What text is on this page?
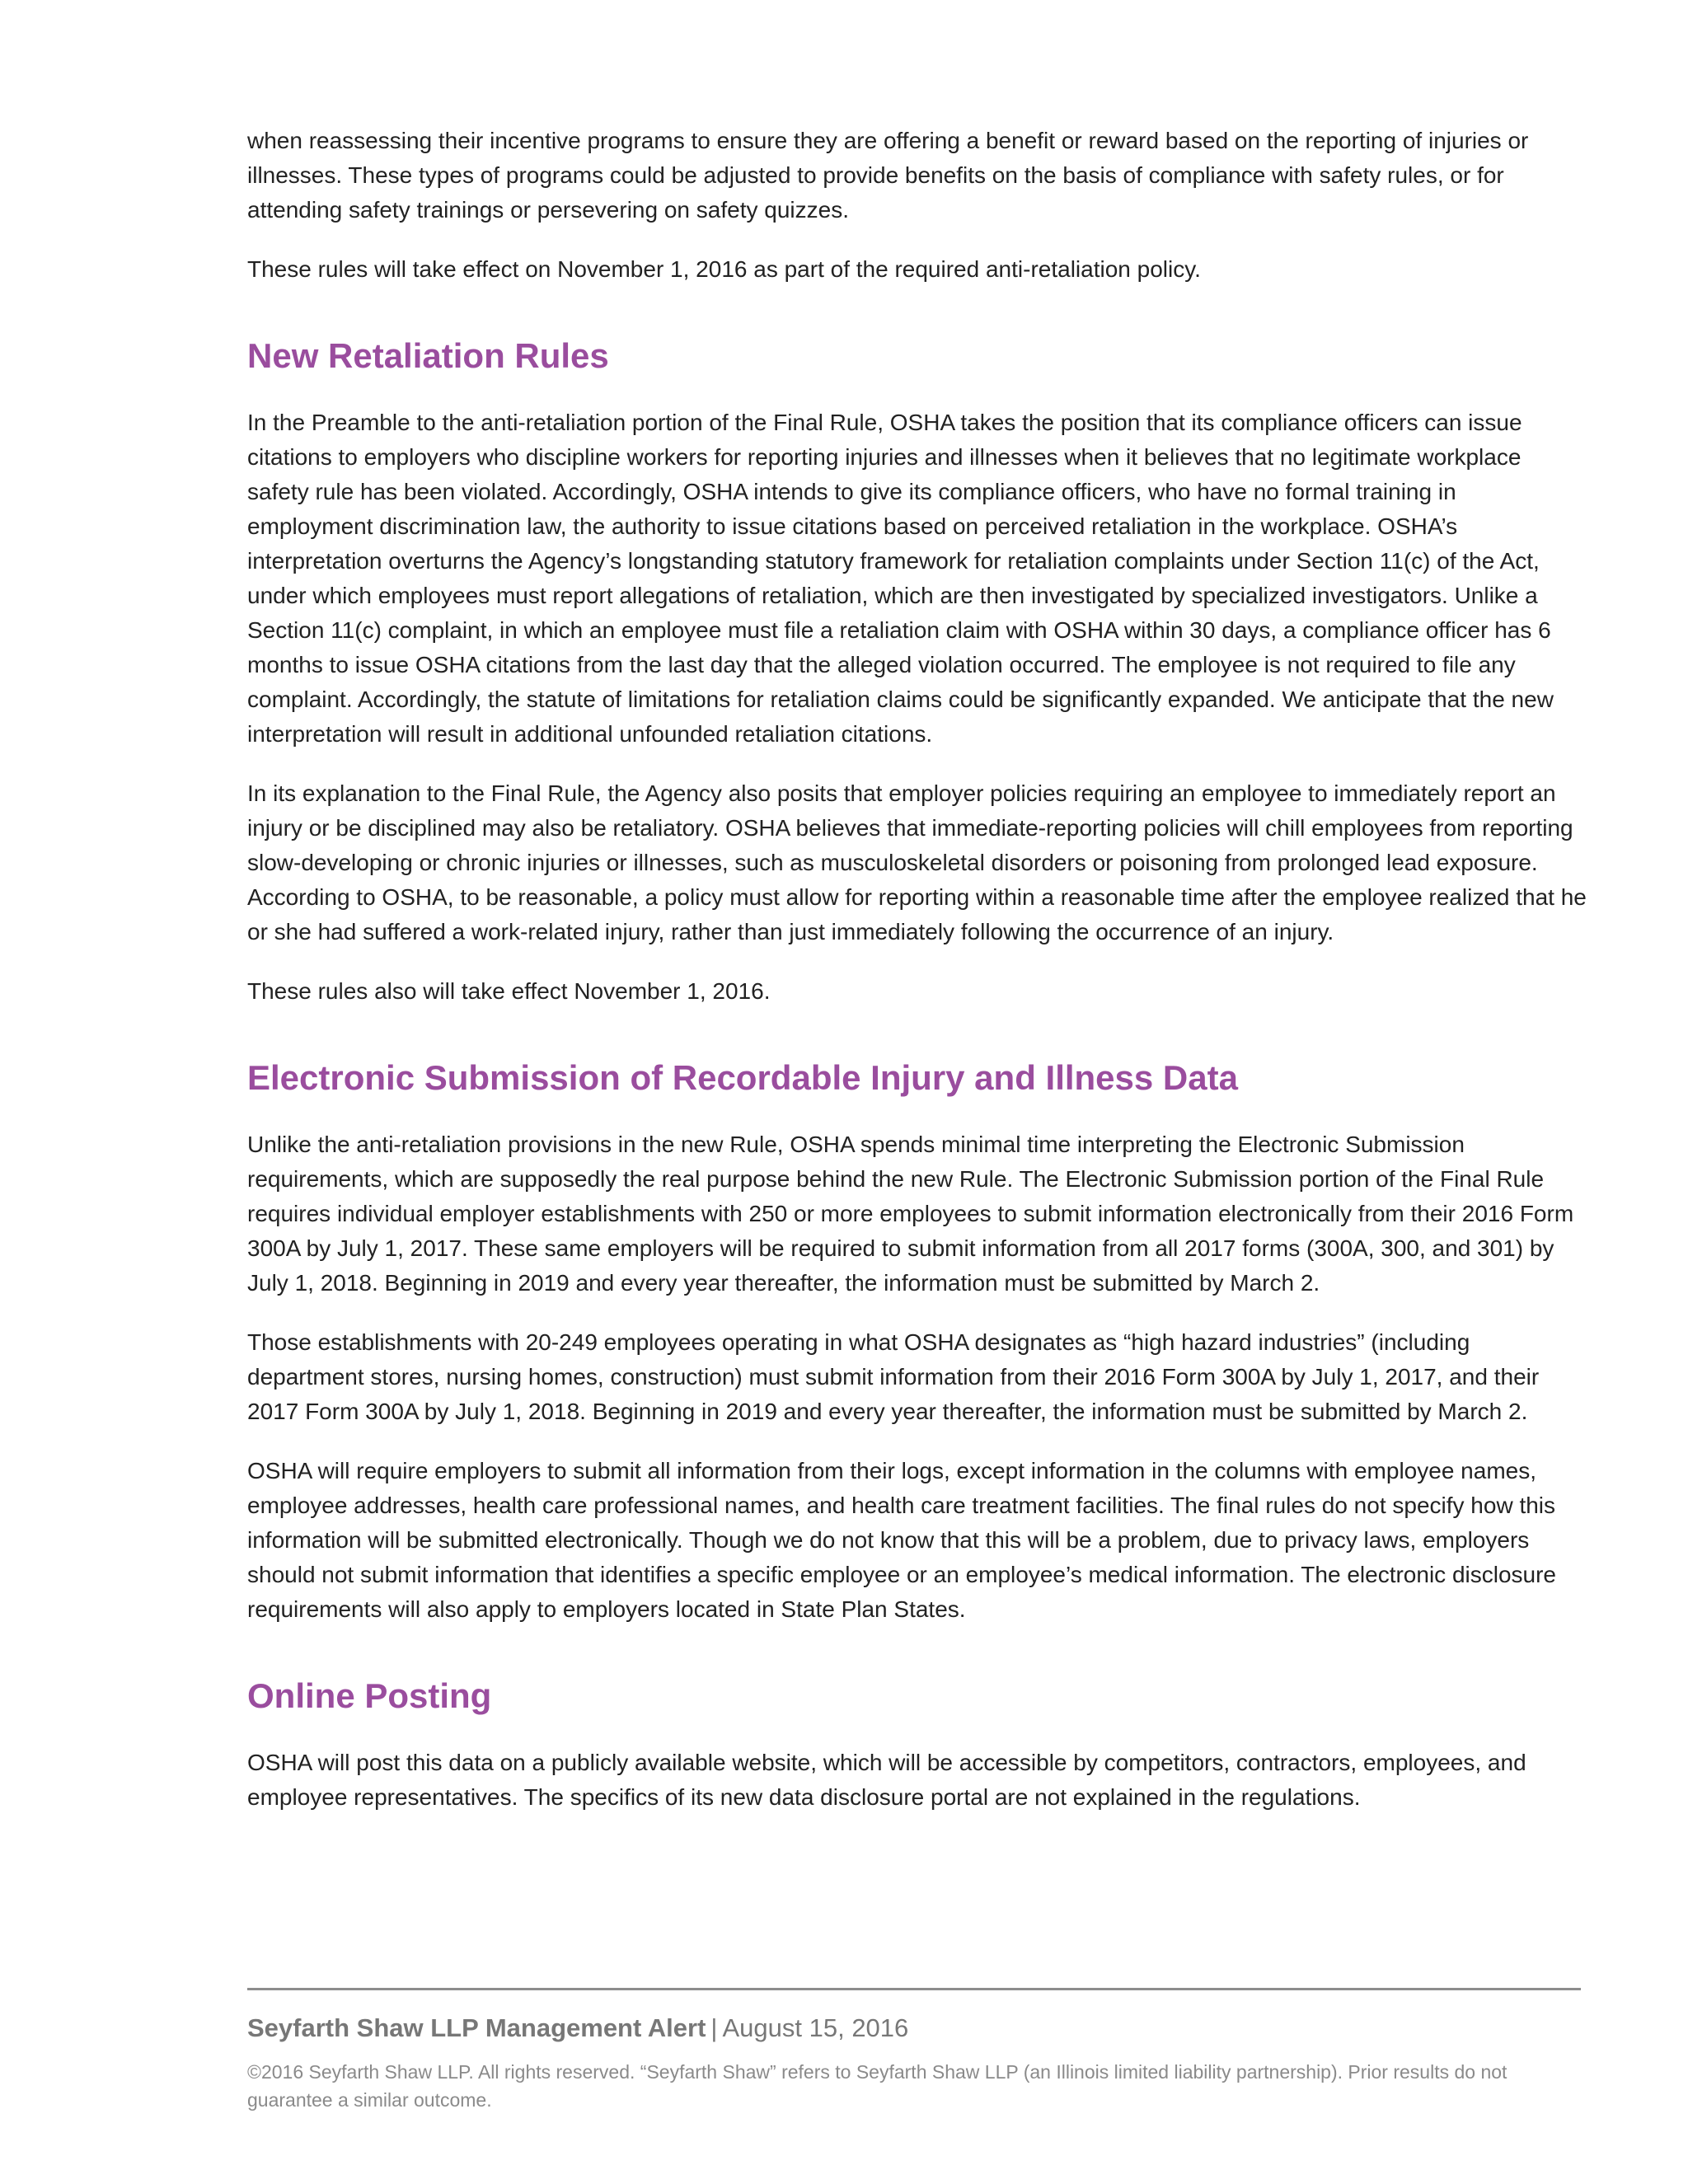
when reassessing their incentive programs to ensure they are offering a benefit or reward based on the reporting of injuries or illnesses. These types of programs could be adjusted to provide benefits on the basis of compliance with safety rules, or for attending safety trainings or persevering on safety quizzes.

These rules will take effect on November 1, 2016 as part of the required anti-retaliation policy.

New Retaliation Rules

In the Preamble to the anti-retaliation portion of the Final Rule, OSHA takes the position that its compliance officers can issue citations to employers who discipline workers for reporting injuries and illnesses when it believes that no legitimate workplace safety rule has been violated. Accordingly, OSHA intends to give its compliance officers, who have no formal training in employment discrimination law, the authority to issue citations based on perceived retaliation in the workplace. OSHA’s interpretation overturns the Agency’s longstanding statutory framework for retaliation complaints under Section 11(c) of the Act, under which employees must report allegations of retaliation, which are then investigated by specialized investigators. Unlike a Section 11(c) complaint, in which an employee must file a retaliation claim with OSHA within 30 days, a compliance officer has 6 months to issue OSHA citations from the last day that the alleged violation occurred. The employee is not required to file any complaint. Accordingly, the statute of limitations for retaliation claims could be significantly expanded. We anticipate that the new interpretation will result in additional unfounded retaliation citations.

In its explanation to the Final Rule, the Agency also posits that employer policies requiring an employee to immediately report an injury or be disciplined may also be retaliatory. OSHA believes that immediate-reporting policies will chill employees from reporting slow-developing or chronic injuries or illnesses, such as musculoskeletal disorders or poisoning from prolonged lead exposure. According to OSHA, to be reasonable, a policy must allow for reporting within a reasonable time after the employee realized that he or she had suffered a work-related injury, rather than just immediately following the occurrence of an injury.

These rules also will take effect November 1, 2016.

Electronic Submission of Recordable Injury and Illness Data

Unlike the anti-retaliation provisions in the new Rule, OSHA spends minimal time interpreting the Electronic Submission requirements, which are supposedly the real purpose behind the new Rule. The Electronic Submission portion of the Final Rule requires individual employer establishments with 250 or more employees to submit information electronically from their 2016 Form 300A by July 1, 2017. These same employers will be required to submit information from all 2017 forms (300A, 300, and 301) by July 1, 2018. Beginning in 2019 and every year thereafter, the information must be submitted by March 2.

Those establishments with 20-249 employees operating in what OSHA designates as “high hazard industries” (including department stores, nursing homes, construction) must submit information from their 2016 Form 300A by July 1, 2017, and their 2017 Form 300A by July 1, 2018. Beginning in 2019 and every year thereafter, the information must be submitted by March 2.

OSHA will require employers to submit all information from their logs, except information in the columns with employee names, employee addresses, health care professional names, and health care treatment facilities. The final rules do not specify how this information will be submitted electronically. Though we do not know that this will be a problem, due to privacy laws, employers should not submit information that identifies a specific employee or an employee’s medical information. The electronic disclosure requirements will also apply to employers located in State Plan States.

Online Posting

OSHA will post this data on a publicly available website, which will be accessible by competitors, contractors, employees, and employee representatives. The specifics of its new data disclosure portal are not explained in the regulations.

Seyfarth Shaw LLP Management Alert | August 15, 2016
©2016 Seyfarth Shaw LLP. All rights reserved. “Seyfarth Shaw” refers to Seyfarth Shaw LLP (an Illinois limited liability partnership). Prior results do not guarantee a similar outcome.
